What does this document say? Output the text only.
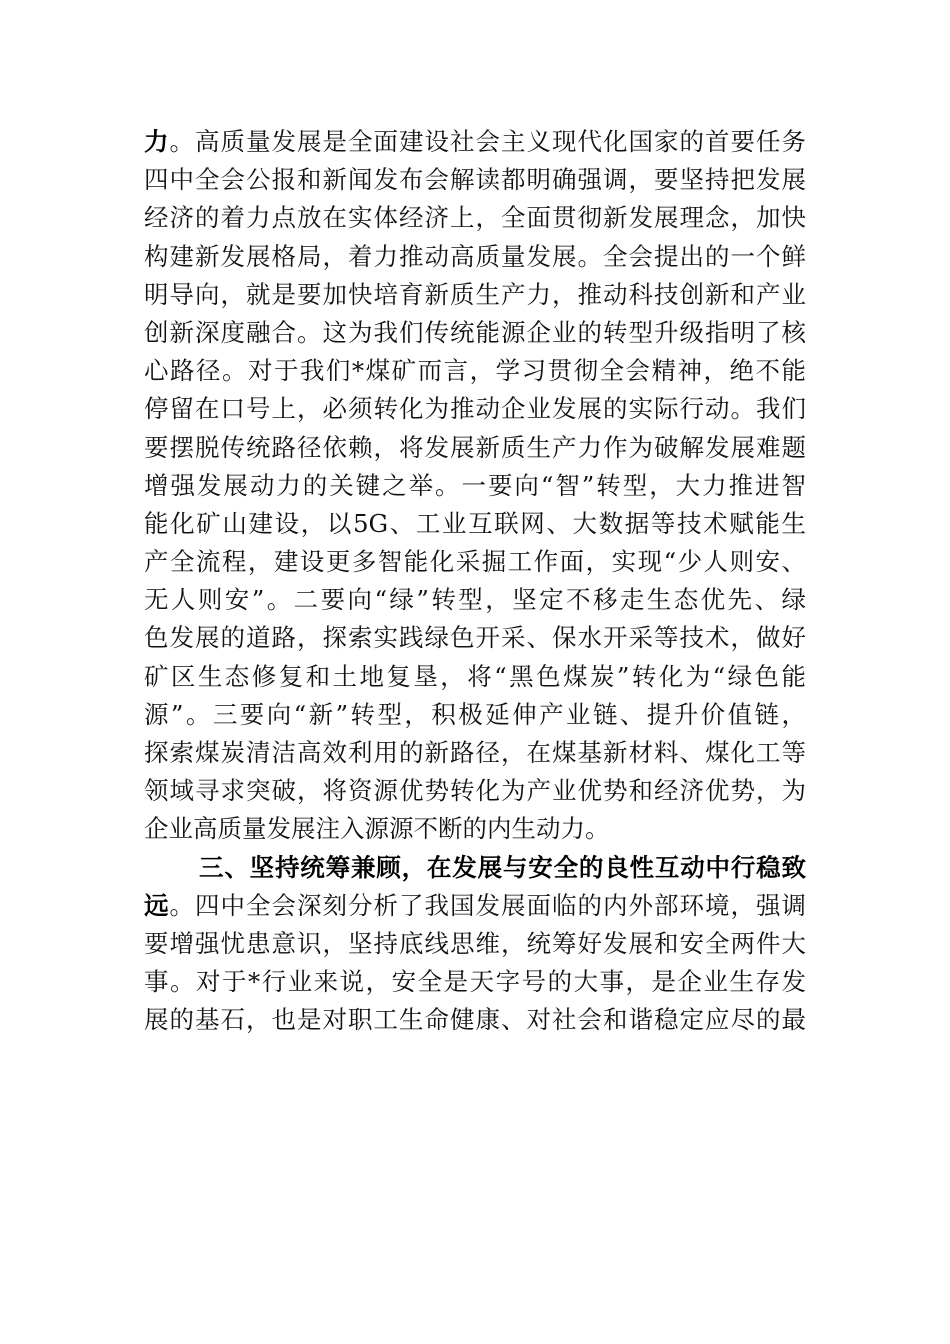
力。高质量发展是全面建设社会主义现代化国家的首要任务
四中全会公报和新闻发布会解读都明确强调，要坚持把发展
经济的着力点放在实体经济上，全面贯彻新发展理念，加快
构建新发展格局，着力推动高质量发展。全会提出的一个鲜
明导向，就是要加快培育新质生产力，推动科技创新和产业
创新深度融合。这为我们传统能源企业的转型升级指明了核
心路径。对于我们*煤矿而言，学习贯彻全会精神，绝不能
停留在口号上，必须转化为推动企业发展的实际行动。我们
要摆脱传统路径依赖，将发展新质生产力作为破解发展难题
增强发展动力的关键之举。一要向“智”转型，大力推进智
能化矿山建设，以5G、工业互联网、大数据等技术赋能生
产全流程，建设更多智能化采掘工作面，实现“少人则安、
无人则安”。二要向“绿”转型，坚定不移走生态优先、绿
色发展的道路，探索实践绿色开采、保水开采等技术，做好
矿区生态修复和土地复垦，将“黑色煤炭”转化为“绿色能
源”。三要向“新”转型，积极延伸产业链、提升价值链，
探索煤炭清洁高效利用的新路径，在煤基新材料、煤化工等
领域寻求突破，将资源优势转化为产业优势和经济优势，为
企业高质量发展注入源源不断的内生动力。
三、坚持统筹兼顾，在发展与安全的良性互动中行稳致
远。四中全会深刻分析了我国发展面临的内外部环境，强调
要增强忧患意识，坚持底线思维，统筹好发展和安全两件大
事。对于*行业来说，安全是天字号的大事，是企业生存发
展的基石，也是对职工生命健康、对社会和谐稳定应尽的最
